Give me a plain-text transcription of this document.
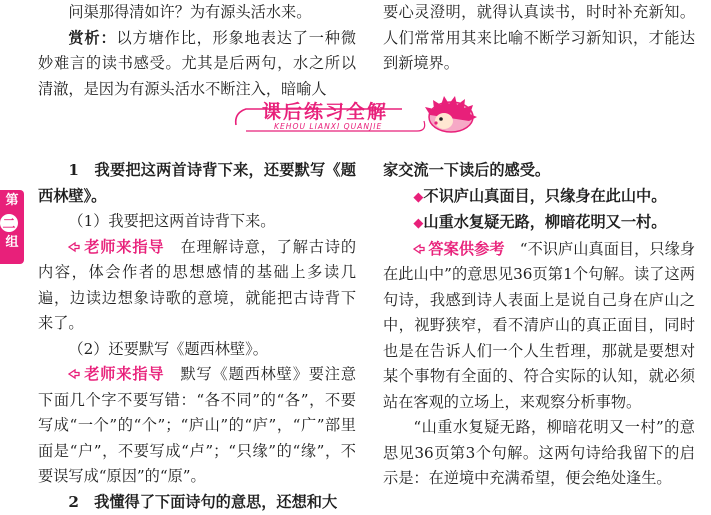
问渠那得清如许？为有源头活水来。

赏析：以方塘作比，形象地表达了一种微妙难言的读书感受。尤其是后两句，水之所以清澈，是因为有源头活水不断注入，暗喻人

要心灵澄明，就得认真读书，时时补充新知。人们常常用其来比喻不断学习新知识，才能达到新境界。

课后练习全解
KEHOU LIANXI QUANJIE
第
二
组

1　我要把这两首诗背下来，还要默写《题西林壁》。

（1）我要把这两首诗背下来。

老师来指导　 在理解诗意，了解古诗的内容，体会作者的思想感情的基础上多读几遍，边读边想象诗歌的意境，就能把古诗背下来了。

（2）还要默写《题西林壁》。

老师来指导　 默写《题西林壁》要注意下面几个字不要写错：“各不同”的“各”，不要写成“一个”的“个”；“庐山”的“庐”，“广”部里面是“户”，不要写成“卢”；“只缘”的“缘”，不要误写成“原因”的“原”。

2　我懂得了下面诗句的意思，还想和大

家交流一下读后的感受。

◆不识庐山真面目，只缘身在此山中。

◆山重水复疑无路，柳暗花明又一村。

答案供参考　 “不识庐山真面目，只缘身在此山中”的意思见36页第1个句解。读了这两句诗，我感到诗人表面上是说自己身在庐山之中，视野狭窄，看不清庐山的真正面目，同时也是在告诉人们一个人生哲理，那就是要想对某个事物有全面的、符合实际的认知，就必须站在客观的立场上，来观察分析事物。

“山重水复疑无路，柳暗花明又一村”的意思见36页第3个句解。这两句诗给我留下的启示是：在逆境中充满希望，便会绝处逢生。
